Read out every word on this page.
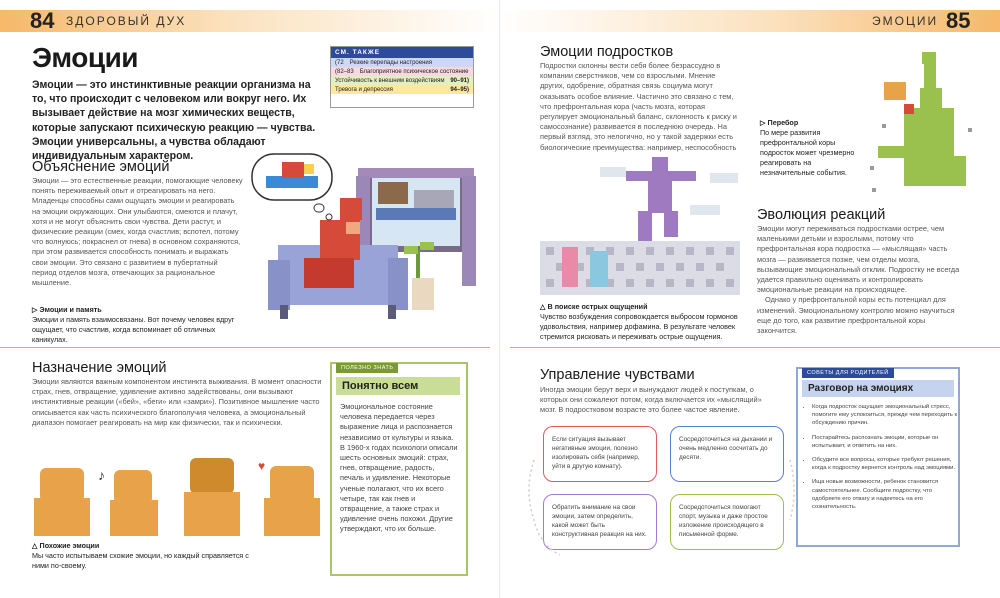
84 ЗДОРОВЫЙ ДУХ	ЭМОЦИИ 85
Эмоции

Эмоции — это инстинктивные реакции организма на то, что происходит с человеком или вокруг него. Их вызывает действие на мозг химических веществ, которые запускают психическую реакцию — чувства. Эмоции универсальны, а чувства обладают индивидуальным характером.

СМ. ТАКЖЕ
(72	Резкие перепады настроения
(82–83	Благоприятное психическое состояние
Устойчивость к внешним воздействиям 90–91)
Тревога и депрессия	94–95)
Объяснение эмоций

Эмоции — это естественные реакции, помогающие человеку понять переживаемый опыт и отреагировать на него. Младенцы способны сами ощущать эмоции и реагировать на эмоции окружающих. Они улыбаются, смеются и плачут, хотя и не могут объяснить свои чувства. Дети растут, и физические реакции (смех, когда счастлив; вспотел, потому что волнуюсь; покраснел от гнева) в основном сохраняются, при этом развивается способность понимать и выражать свои эмоции. Это связано с развитием в пубертатный период отделов мозга, отвечающих за рациональное мышление.

▷ Эмоции и память
Эмоции и память взаимосвязаны. Вот почему человек вдруг ощущает, что счастлив, когда вспоминает об отличных каникулах.

Назначение эмоций

Эмоции являются важным компонентом инстинкта выживания. В момент опасности страх, гнев, отвращение, удивление активно задействованы, они вызывают инстинктивные реакции («бей», «беги» или «замри»). Позитивное мышление часто описывается как часть психического благополучия человека, а эмоциональный диапазон помогает реагировать на мир как физически, так и психически.

♪
♥

△ Похожие эмоции
Мы часто испытываем схожие эмоции, но каждый справляется с ними по-своему.

ПОЛЕЗНО ЗНАТЬ
Понятно всем

Эмоциональное состояние человека передается через выражение лица и распознается независимо от культуры и языка. В 1960-х годах психологи описали шесть основных эмоций: страх, гнев, отвращение, радость, печаль и удивление. Некоторые ученые полагают, что их всего четыре, так как гнев и отвращение, а также страх и удивление очень похожи. Другие утверждают, что их больше.

Эмоции подростков

Подростки склонны вести себя более безрассудно в компании сверстников, чем со взрослыми. Мнение других, одобрение, обратная связь социума могут оказывать особое влияние. Частично это связано с тем, что префронтальная кора (часть мозга, которая регулирует эмоциональный баланс, склонность к риску и самосознание) развивается в последнюю очередь. На первый взгляд, это нелогично, но у такой задержки есть биологические преимущества: например, неспособность

△ В поиске острых ощущений
Чувство возбуждения сопровождается выбросом гормонов удовольствия, например дофамина. В результате человек стремится рисковать и переживать острые ощущения.

▷ Перебор
По мере развития префронтальной коры подросток может чрезмерно реагировать на незначительные события.

Эволюция реакций

Эмоции могут переживаться подростками острее, чем маленькими детьми и взрослыми, потому что префронтальная кора подростка — «мыслящая» часть мозга — развивается позже, чем отделы мозга, вызывающие эмоциональный отклик. Подростку не всегда удается правильно оценивать и контролировать эмоциональные реакции на происходящее.
Однако у префронтальной коры есть потенциал для изменений. Эмоциональному контролю можно научиться еще до того, как развитие префронтальной коры закончится.

Управление чувствами

Иногда эмоции берут верх и вынуждают людей к поступкам, о которых они сожалеют потом, когда включается их «мыслящий» мозг. В подростковом возрасте это более частое явление.

Если ситуация вызывает негативные эмоции, полезно изолировать себя (например, уйти в другую комнату).
Сосредоточиться на дыхании и очень медленно сосчитать до десяти.
Обратить внимание на свои эмоции, затем определить, какой может быть конструктивная реакция на них.
Сосредоточиться помогают спорт, музыка и даже простое изложение происходящего в письменной форме.
СОВЕТЫ ДЛЯ РОДИТЕЛЕЙ
Разговор на эмоциях
• Когда подросток ощущает эмоциональный стресс, помогите ему успокоиться, прежде чем переходить к обсуждению причин.
• Постарайтесь распознать эмоции, которые он испытывает, и ответить на них.
• Обсудите все вопросы, которые требуют решения, когда к подростку вернется контроль над эмоциями.
• Ища новые возможности, ребенок становится самостоятельнее. Сообщите подростку, что одобряете его отвагу и надеетесь на его сознательность.
